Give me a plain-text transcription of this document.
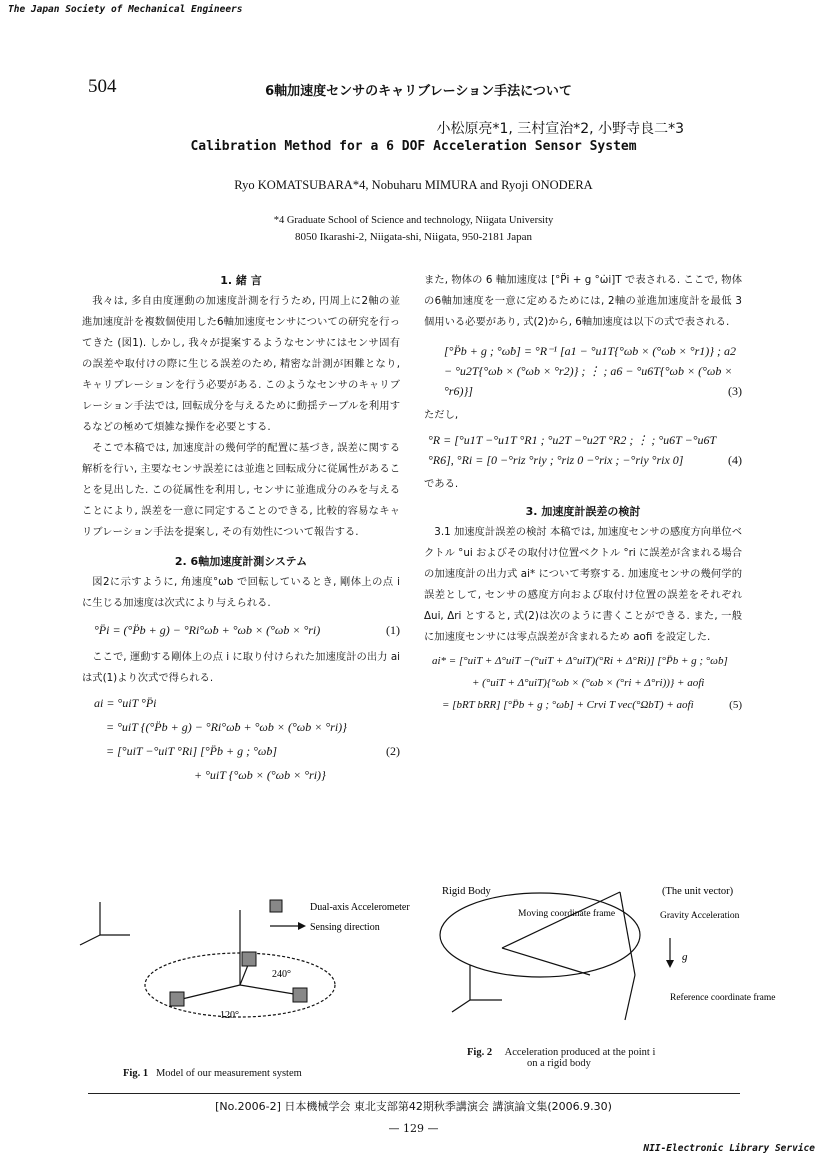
The Japan Society of Mechanical Engineers
504	6軸加速度センサのキャリブレーション手法について
小松原亮*1, 三村宣治*2, 小野寺良二*3
Calibration Method for a 6 DOF Acceleration Sensor System
Ryo KOMATSUBARA*4, Nobuharu MIMURA and Ryoji ONODERA
*4 Graduate School of Science and technology, Niigata University
8050 Ikarashi-2, Niigata-shi, Niigata, 950-2181 Japan
1. 緒 言
我々は, 多自由度運動の加速度計測を行うため, 円周上に2軸の並進加速度計を複数個使用した6軸加速度センサについての研究を行ってきた (図1). しかし, 我々が提案するようなセンサにはセンサ固有の誤差や取付けの際に生じる誤差のため, 精密な計測が困難となり, キャリブレーションを行う必要がある. このようなセンサのキャリブレーション手法では, 回転成分を与えるために動揺テーブルを利用するなどの極めて煩雑な操作を必要とする.
そこで本稿では, 加速度計の幾何学的配置に基づき, 誤差に関する解析を行い, 主要なセンサ誤差には並進と回転成分に従属性があることを見出した. この従属性を利用し, センサに並進成分のみを与えることにより, 誤差を一意に同定することのできる, 比較的容易なキャリブレーション手法を提案し, その有効性について報告する.
2. 6軸加速度計測システム
図2に示すように, 角速度°ωb で回転しているとき, 剛体上の点 i に生じる加速度は次式により与えられる.
°P̈i = (°P̈b + g) − °Ri°ω̇b + °ωb × (°ωb × °ri)	(1)
ここで, 運動する剛体上の点 i に取り付けられた加速度計の出力 ai は式(1)より次式で得られる.
ai = °uiT °P̈i
= °uiT {(°P̈b + g) − °Ri°ω̇b + °ωb × (°ωb × °ri)}
= [°uiT −°uiT °Ri] [°P̈b + g ; °ω̇b]	(2)
+ °uiT {°ωb × (°ωb × °ri)}
また, 物体の 6 軸加速度は [°P̈i + g °ω̇i]T で表される. ここで, 物体の6軸加速度を一意に定めるためには, 2軸の並進加速度計を最低 3 個用いる必要があり, 式(2)から, 6軸加速度は以下の式で表される.
[°P̈b + g ; °ω̇b] = °R⁻¹ [a1 − °u1T{°ωb × (°ωb × °r1)} ; a2 − °u2T{°ωb × (°ωb × °r2)} ; ⋮ ; a6 − °u6T{°ωb × (°ωb × °r6)}]	(3)
ただし,
°R = [°u1T −°u1T °R1 ; °u2T −°u2T °R2 ; ⋮ ; °u6T −°u6T °R6], °Ri = [0 −°riz °riy ; °riz 0 −°rix ; −°riy °rix 0]	(4)
である.
3. 加速度計誤差の検討
3.1 加速度計誤差の検討 本稿では, 加速度センサの感度方向単位ベクトル °ui およびその取付け位置ベクトル °ri に誤差が含まれる場合の加速度計の出力式 ai* について考察する. 加速度センサの幾何学的誤差として, センサの感度方向および取付け位置の誤差をそれぞれ Δui, Δri とすると, 式(2)は次のように書くことができる. また, 一般に加速度センサには零点誤差が含まれるため aofi を設定した.
ai* = [°uiT + Δ°uiT −(°uiT + Δ°uiT)(°Ri + Δ°Ri)] [°P̈b + g ; °ω̇b]
+ (°uiT + Δ°uiT){°ωb × (°ωb × (°ri + Δ°ri))} + aofi
= [bRT bRR] [°P̈b + g ; °ω̇b] + Crvi T vec(°ΩbT) + aofi	(5)
Dual-axis Accelerometer
Sensing direction
240°
120°
Fig. 1 Model of our measurement system
Rigid Body	(The unit vector)
Moving coordinate frame	Gravity Acceleration
g
Reference coordinate frame
Fig. 2 Acceleration produced at the point i
on a rigid body
[No.2006-2] 日本機械学会 東北支部第42期秋季講演会 講演論文集(2006.9.30)
— 129 —
NII-Electronic Library Service
